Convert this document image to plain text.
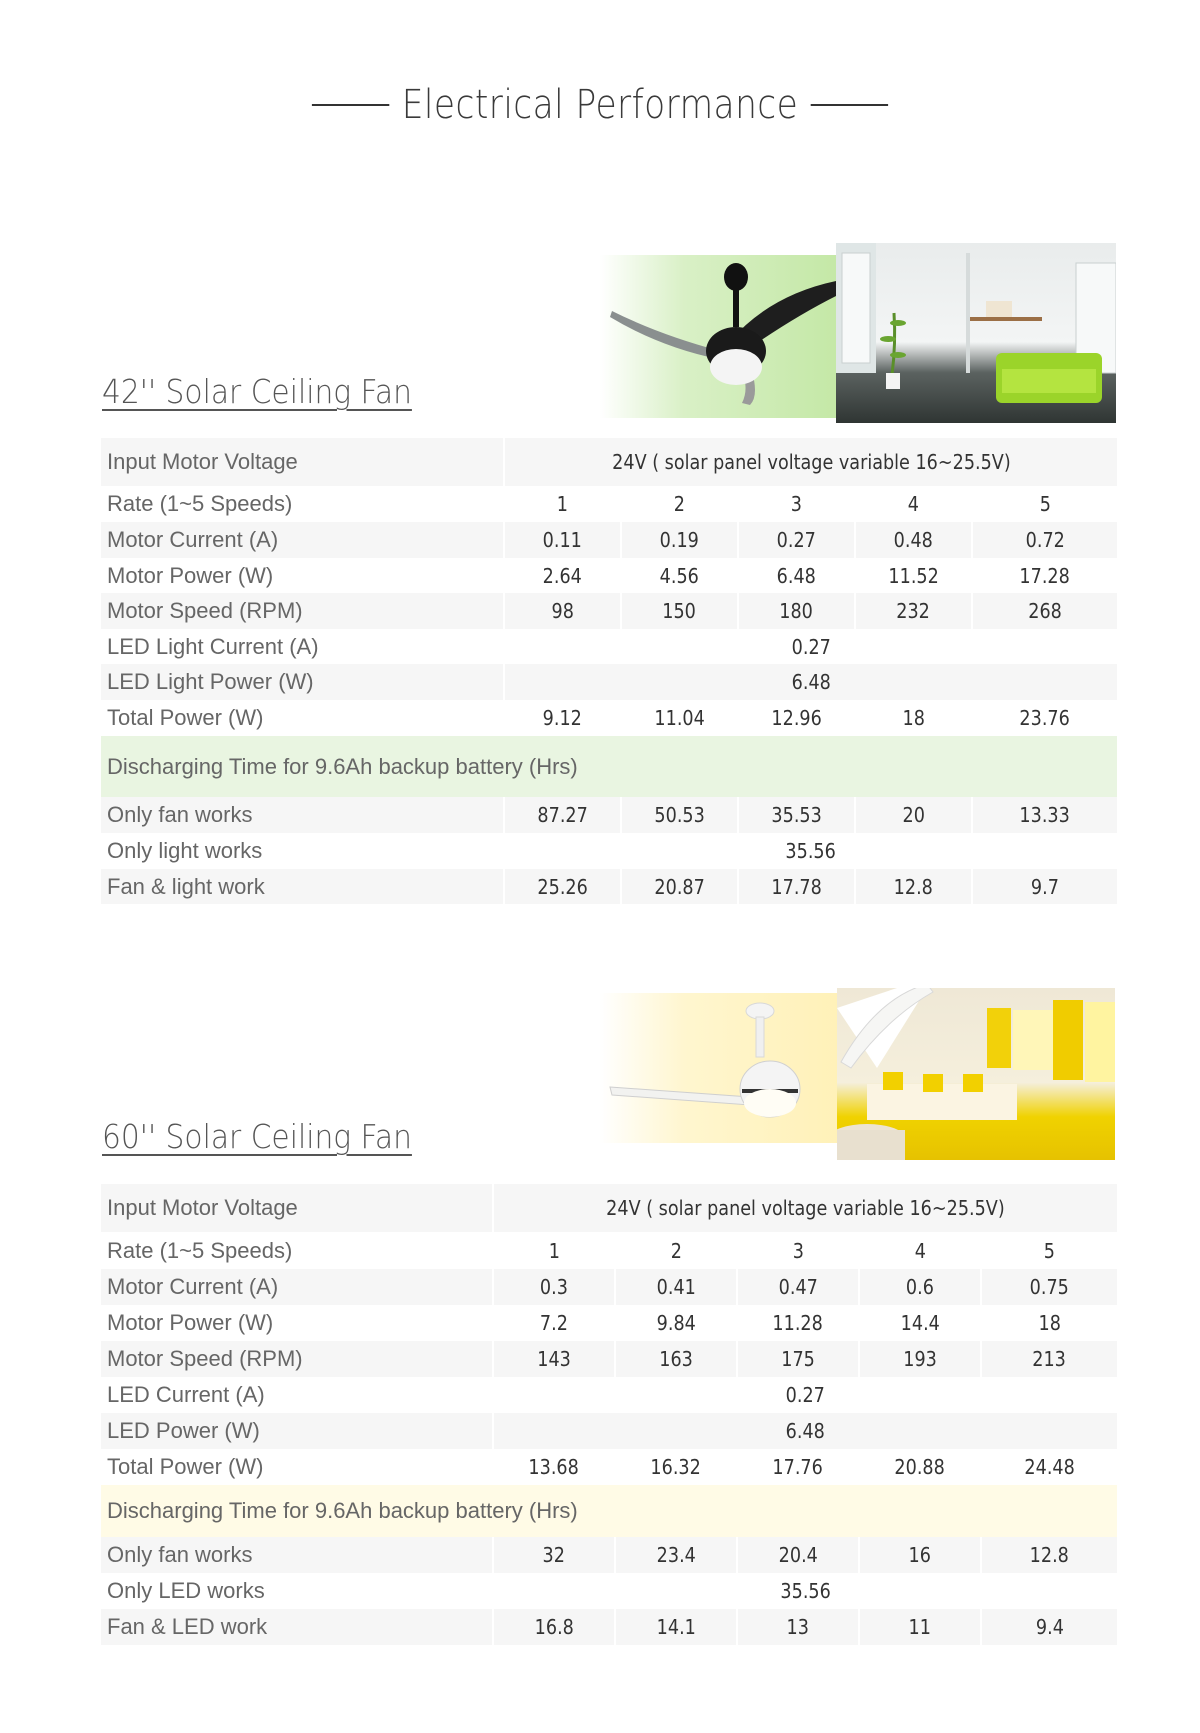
Electrical Performance
42'' Solar Ceiling Fan
Input Motor Voltage	24V ( solar panel voltage variable 16~25.5V)				
Rate (1~5 Speeds)	1	2	3	4	5
Motor Current (A)	0.11	0.19	0.27	0.48	0.72
Motor Power (W)	2.64	4.56	6.48	11.52	17.28
Motor Speed (RPM)	98	150	180	232	268
LED Light Current (A)	0.27				
LED Light Power (W)	6.48				
Total Power (W)	9.12	11.04	12.96	18	23.76
Discharging Time for 9.6Ah backup battery (Hrs)					
Only fan works	87.27	50.53	35.53	20	13.33
Only light works	35.56				
Fan & light work	25.26	20.87	17.78	12.8	9.7
60'' Solar Ceiling Fan
Input Motor Voltage	24V ( solar panel voltage variable 16~25.5V)				
Rate (1~5 Speeds)	1	2	3	4	5
Motor Current (A)	0.3	0.41	0.47	0.6	0.75
Motor Power (W)	7.2	9.84	11.28	14.4	18
Motor Speed (RPM)	143	163	175	193	213
LED Current (A)	0.27				
LED Power (W)	6.48				
Total Power (W)	13.68	16.32	17.76	20.88	24.48
Discharging Time for 9.6Ah backup battery (Hrs)					
Only fan works	32	23.4	20.4	16	12.8
Only LED works	35.56				
Fan & LED work	16.8	14.1	13	11	9.4
